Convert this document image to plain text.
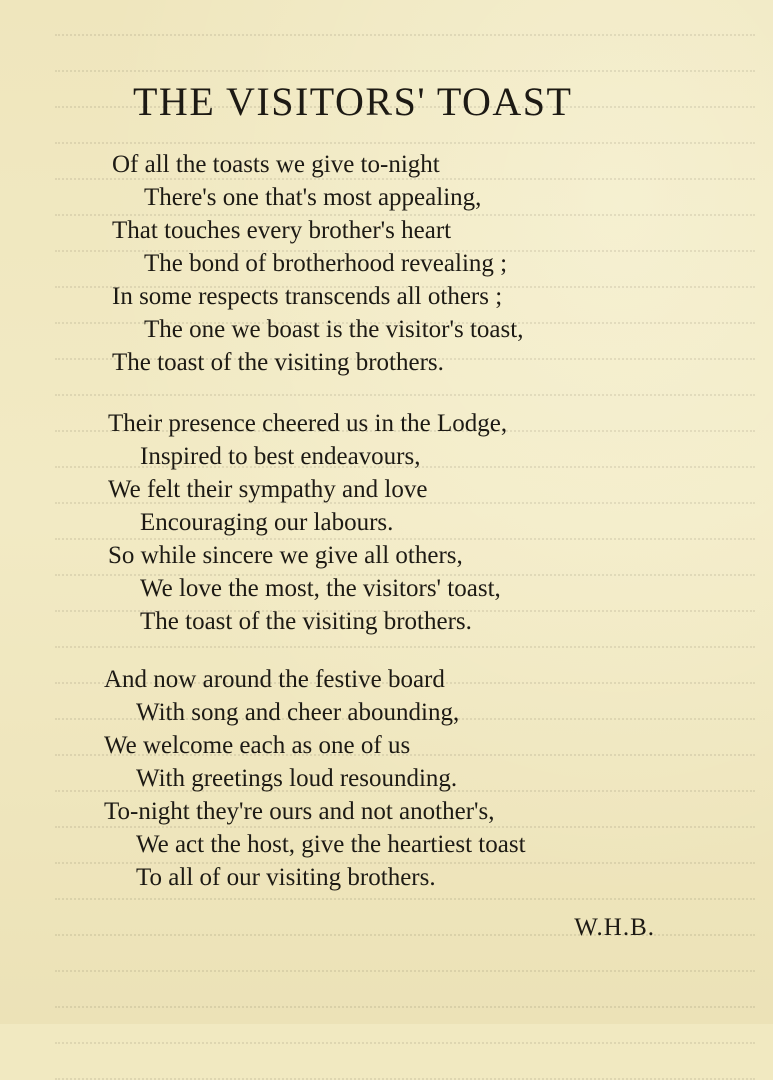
THE VISITORS' TOAST
Of all the toasts we give to-night
There's one that's most appealing,
That touches every brother's heart
The bond of brotherhood revealing ;
In some respects transcends all others ;
The one we boast is the visitor's toast,
The toast of the visiting brothers.
Their presence cheered us in the Lodge,
Inspired to best endeavours,
We felt their sympathy and love
Encouraging our labours.
So while sincere we give all others,
We love the most, the visitors' toast,
The toast of the visiting brothers.
And now around the festive board
With song and cheer abounding,
We welcome each as one of us
With greetings loud resounding.
To-night they're ours and not another's,
We act the host, give the heartiest toast
To all of our visiting brothers.
W.H.B.
